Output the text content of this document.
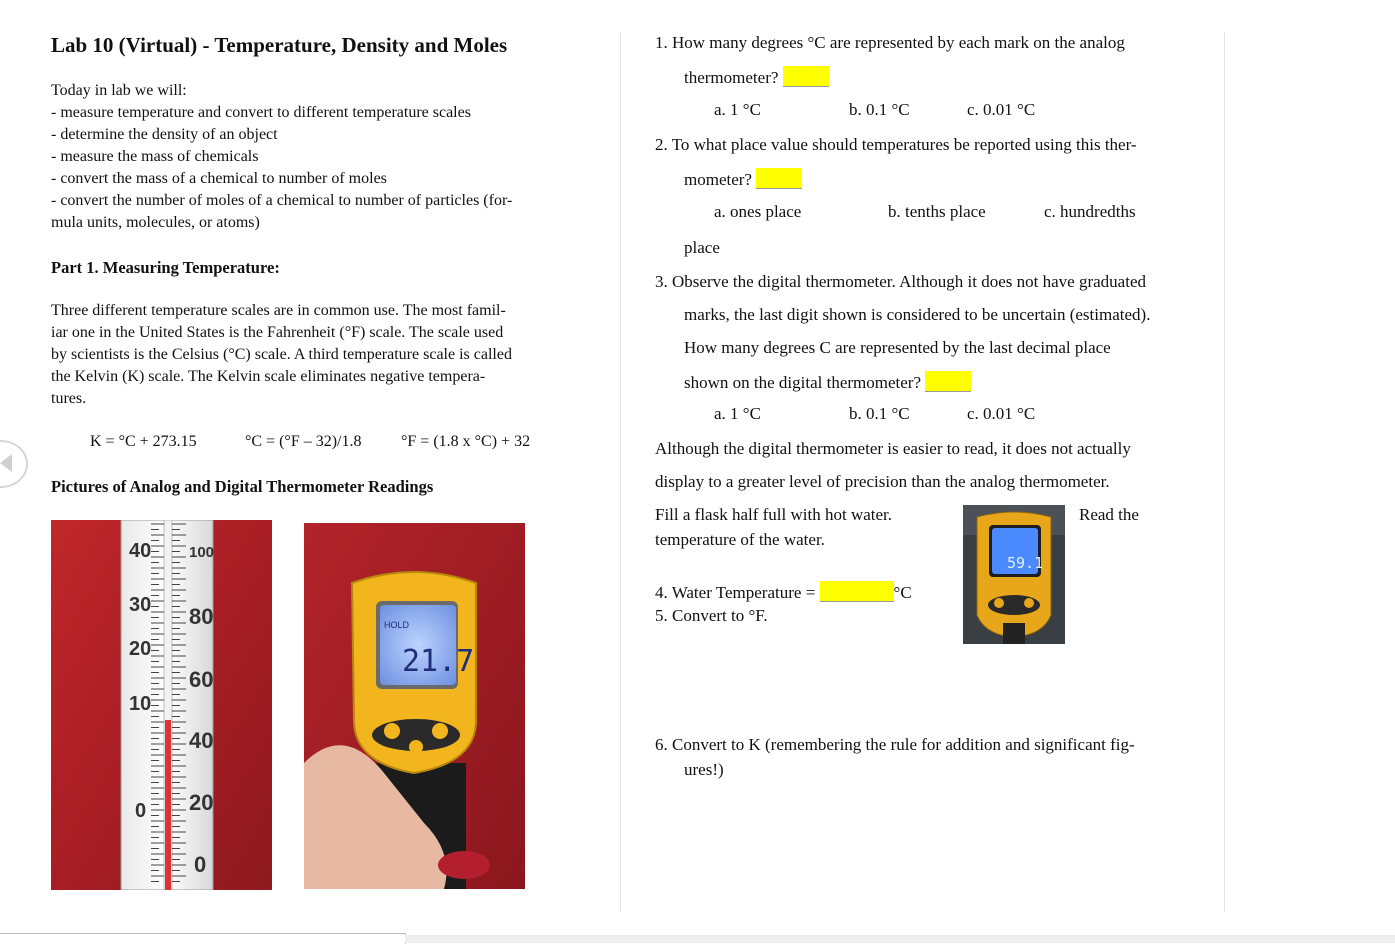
Lab 10 (Virtual) - Temperature, Density and Moles
Today in lab we will:
- measure temperature and convert to different temperature scales
- determine the density of an object
- measure the mass of chemicals
- convert the mass of a chemical to number of moles
- convert the number of moles of a chemical to number of particles (for-
mula units, molecules, or atoms)
Part 1. Measuring Temperature:
Three different temperature scales are in common use. The most famil-
iar one in the United States is the Fahrenheit (°F) scale. The scale used
by scientists is the Celsius (°C) scale. A third temperature scale is called
the Kelvin (K) scale. The Kelvin scale eliminates negative tempera-
tures.
K = °C + 273.15	°C = (°F – 32)/1.8 °F = (1.8 x °C) + 32
Pictures of Analog and Digital Thermometer Readings
40
30
20
10
0
100
80
60
40
20
0
HOLD
21.7
1. How many degrees °C are represented by each mark on the analog
thermometer?
a. 1 °C	b. 0.1 °C	c. 0.01 °C
2. To what place value should temperatures be reported using this ther-
mometer?
a. ones place	b. tenths place	c. hundredths
place
3. Observe the digital thermometer. Although it does not have graduated
marks, the last digit shown is considered to be uncertain (estimated).
How many degrees C are represented by the last decimal place
shown on the digital thermometer?
a. 1 °C	b. 0.1 °C	c. 0.01 °C
Although the digital thermometer is easier to read, it does not actually
display to a greater level of precision than the analog thermometer.
Fill a flask half full with hot water.	Read the
temperature of the water.
59.1
4. Water Temperature =	°C
5. Convert to °F.
6. Convert to K (remembering the rule for addition and significant fig-
ures!)
